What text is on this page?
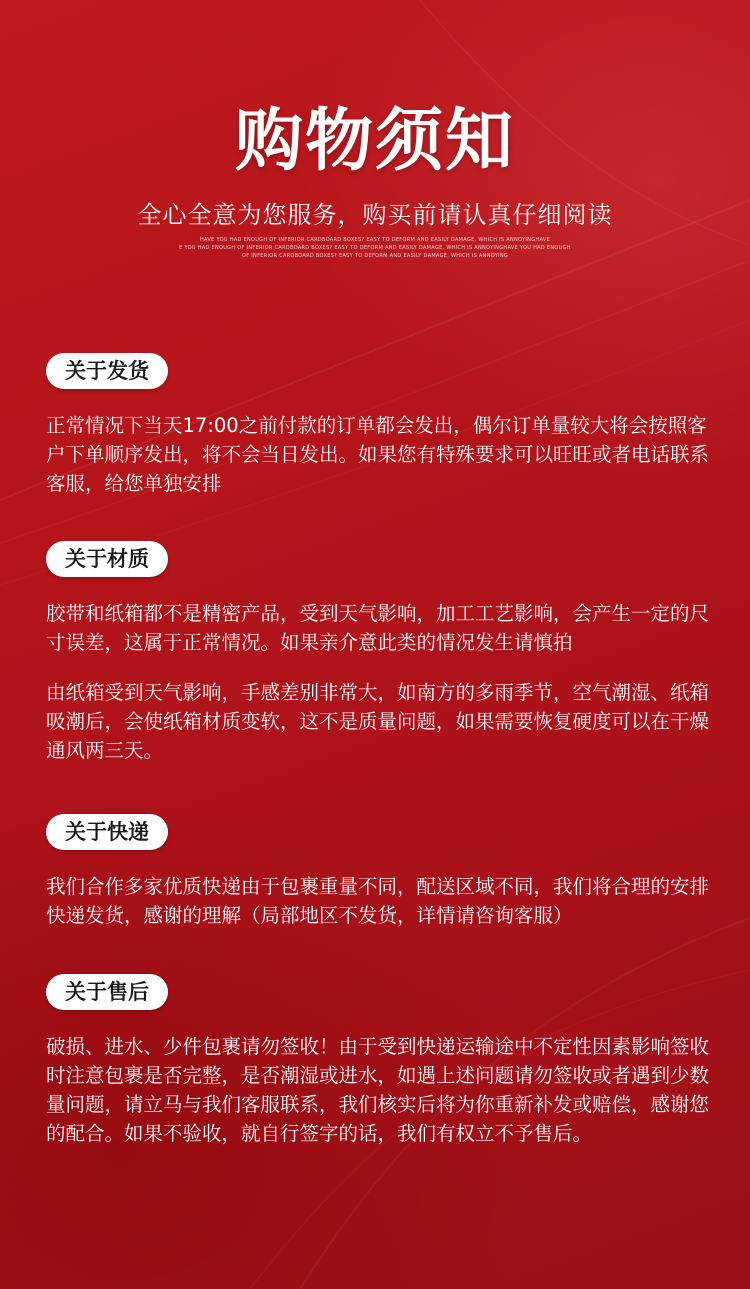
购物须知
全心全意为您服务，购买前请认真仔细阅读
HAVE YOU HAD ENOUGH OF INFERIOR CARDBOARD BOXES? EASY TO DEFORM AND EASILY DAMAGE, WHICH IS ANNOYINGHAVE
E YOU HAD ENOUGH OF INFERIOR CARDBOARD BOXES? EASY TO DEFORM AND EASILY DAMAGE, WHICH IS ANNOYINGHAVE YOU HAD ENOUGH
OF INFERIOR CARDBOARD BOXES? EASY TO DEFORM AND EASILY DAMAGE, WHICH IS ANNOYING
关于发货

正常情况下当天17:00之前付款的订单都会发出，偶尔订单量较大将会按照客户下单顺序发出，将不会当日发出。如果您有特殊要求可以旺旺或者电话联系客服，给您单独安排

关于材质

胶带和纸箱都不是精密产品，受到天气影响，加工工艺影响，会产生一定的尺寸误差，这属于正常情况。如果亲介意此类的情况发生请慎拍

由纸箱受到天气影响，手感差别非常大，如南方的多雨季节，空气潮湿、纸箱吸潮后，会使纸箱材质变软，这不是质量问题，如果需要恢复硬度可以在干燥通风两三天。

关于快递

我们合作多家优质快递由于包裹重量不同，配送区域不同，我们将合理的安排快递发货，感谢的理解（局部地区不发货，详情请咨询客服）

关于售后

破损、进水、少件包裹请勿签收！由于受到快递运输途中不定性因素影响签收时注意包裹是否完整，是否潮湿或进水，如遇上述问题请勿签收或者遇到少数量问题，请立马与我们客服联系，我们核实后将为你重新补发或赔偿，感谢您的配合。如果不验收，就自行签字的话，我们有权立不予售后。
